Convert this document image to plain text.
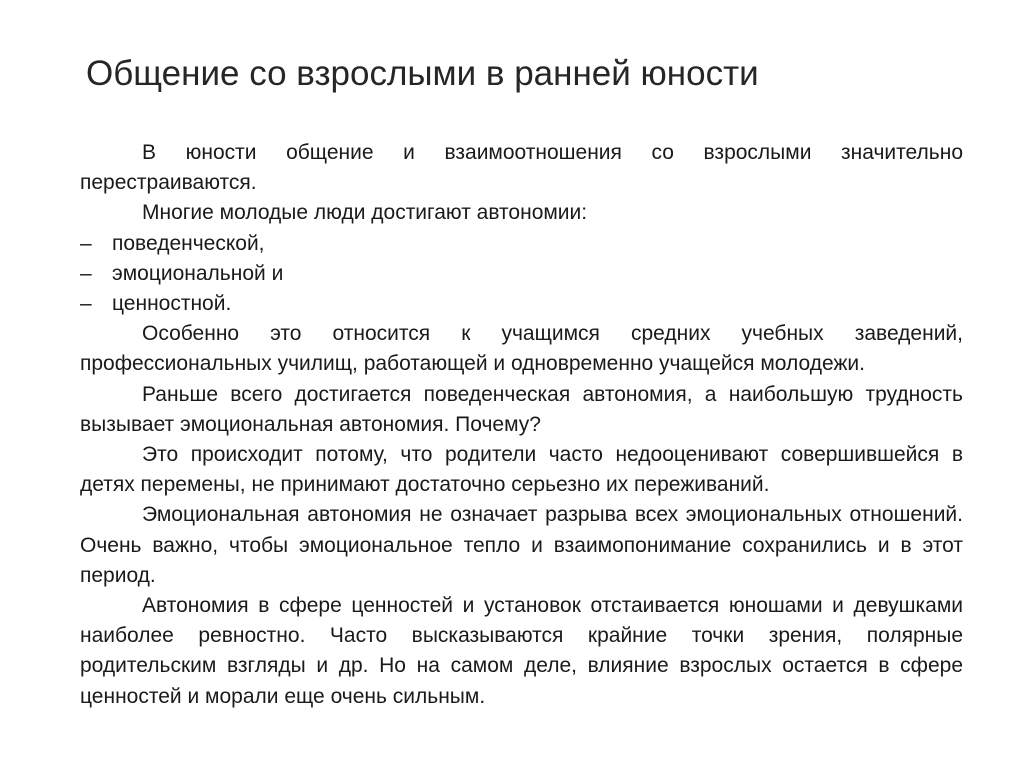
Общение со взрослыми в ранней юности

В юности общение и взаимоотношения со взрослыми значительно перестраиваются.

Многие молодые люди достигают автономии:

– поведенческой,
– эмоциональной и
– ценностной.

Особенно это относится к учащимся средних учебных заведений, профессиональных училищ, работающей и одновременно учащейся молодежи.

Раньше всего достигается поведенческая автономия, а наибольшую трудность вызывает эмоциональная автономия. Почему?

Это происходит потому, что родители часто недооценивают совершившейся в детях перемены, не принимают достаточно серьезно их переживаний.

Эмоциональная автономия не означает разрыва всех эмоциональных отношений. Очень важно, чтобы эмоциональное тепло и взаимопонимание сохранились и в этот период.

Автономия в сфере ценностей и установок отстаивается юношами и девушками наиболее ревностно. Часто высказываются крайние точки зрения, полярные родительским взгляды и др. Но на самом деле, влияние взрослых остается в сфере ценностей и морали еще очень сильным.
